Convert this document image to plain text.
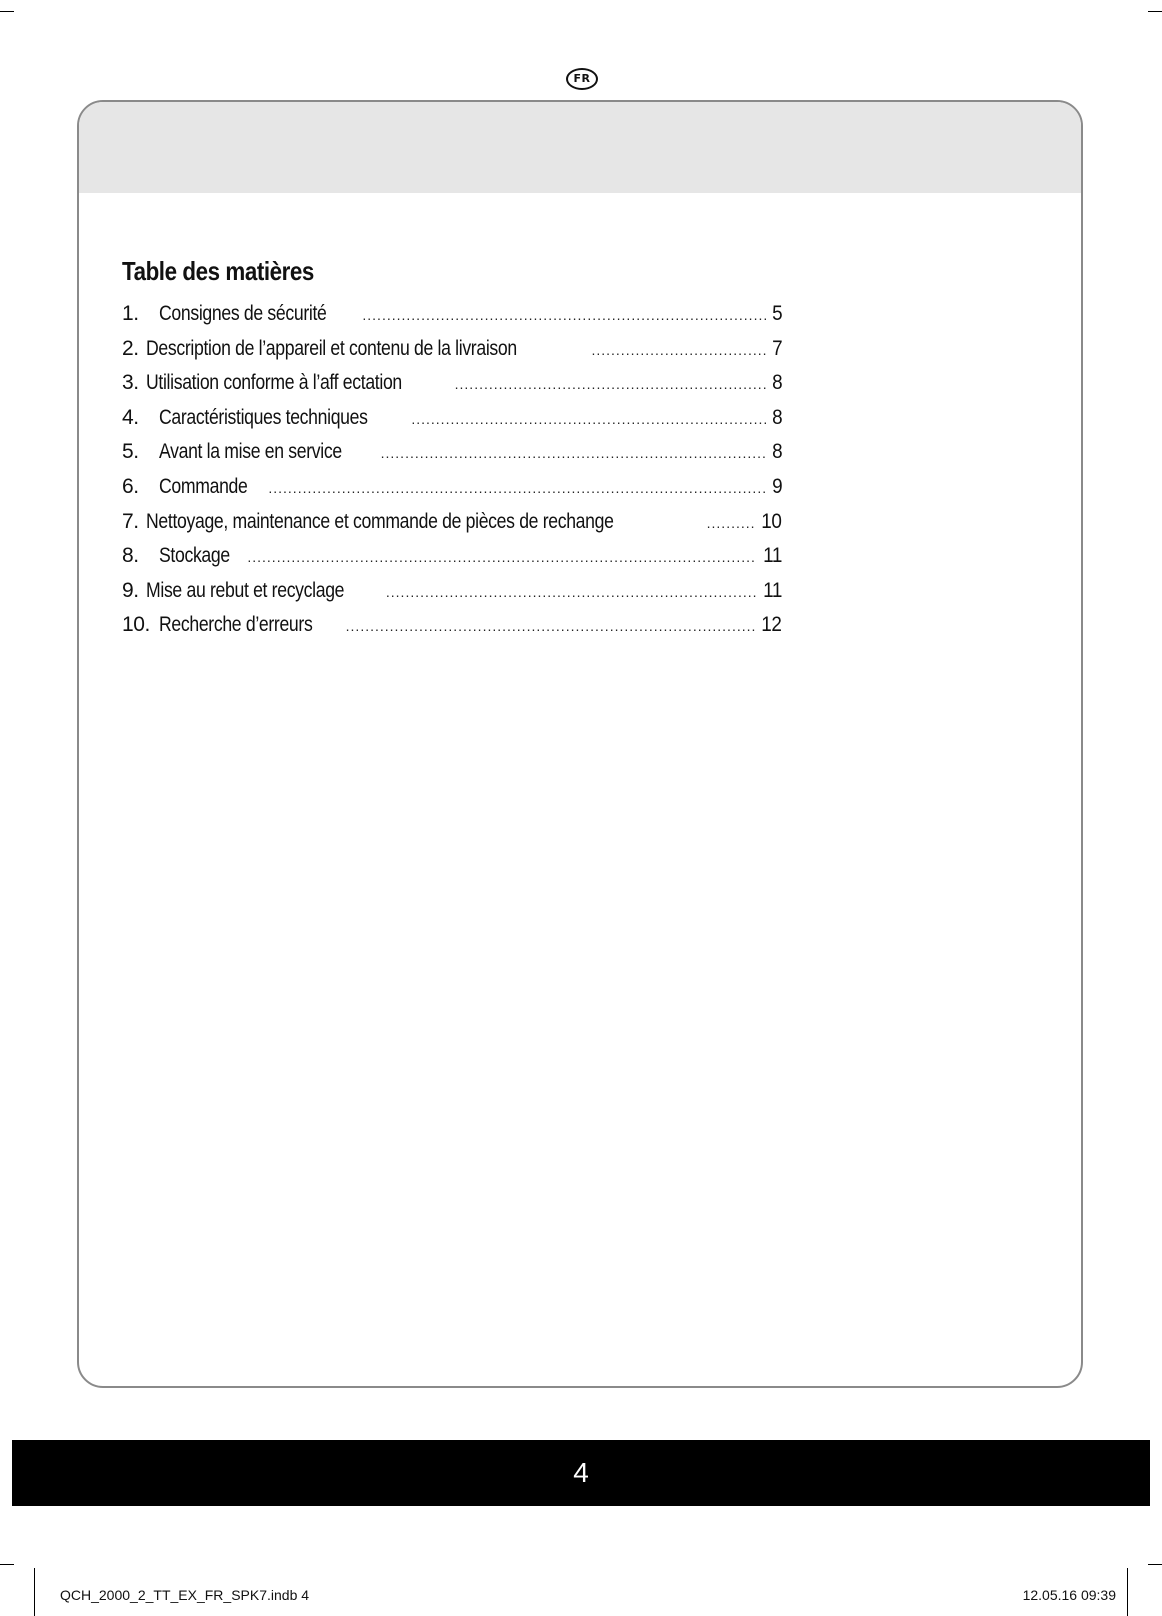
FR
Table des matières
1. Consignes de sécurité .....	5
2. Description de l’appareil et contenu de la livraison .....	7
3. Utilisation conforme à l’aff ectation .....	8
4. Caractéristiques techniques .....	8
5. Avant la mise en service .....	8
6. Commande .....	9
7. Nettoyage, maintenance et commande de pièces de rechange .....	10
8. Stockage .....	11
9. Mise au rebut et recyclage .....	11
10. Recherche d’erreurs .....	12
4
QCH_2000_2_TT_EX_FR_SPK7.indb 4	12.05.16 09:39
